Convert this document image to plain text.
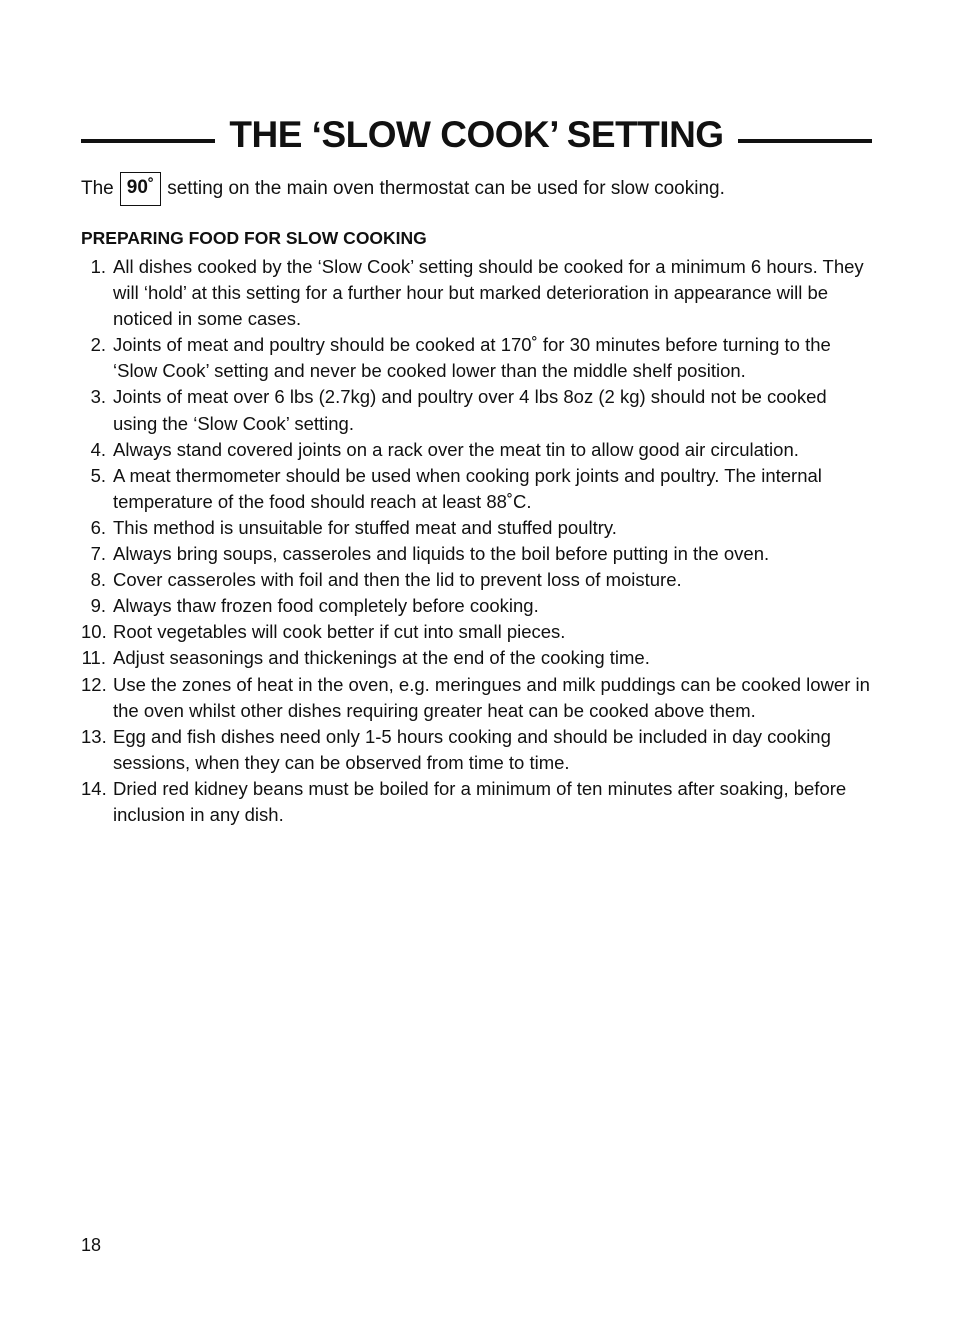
THE ‘SLOW COOK’ SETTING
The 90˚ setting on the main oven thermostat can be used for slow cooking.
PREPARING FOOD FOR SLOW COOKING
1. All dishes cooked by the ‘Slow Cook’ setting should be cooked for a minimum 6 hours. They will ‘hold’ at this setting for a further hour but marked deterioration in appearance will be noticed in some cases.
2. Joints of meat and poultry should be cooked at 170˚ for 30 minutes before turning to the ‘Slow Cook’ setting and never be cooked lower than the middle shelf position.
3. Joints of meat over 6 lbs (2.7kg) and poultry over 4 lbs 8oz (2 kg) should not be cooked using the ‘Slow Cook’ setting.
4. Always stand covered joints on a rack over the meat tin to allow good air circulation.
5. A meat thermometer should be used when cooking pork joints and poultry. The internal temperature of the food should reach at least 88˚C.
6. This method is unsuitable for stuffed meat and stuffed poultry.
7. Always bring soups, casseroles and liquids to the boil before putting in the oven.
8. Cover casseroles with foil and then the lid to prevent loss of moisture.
9. Always thaw frozen food completely before cooking.
10. Root vegetables will cook better if cut into small pieces.
11. Adjust seasonings and thickenings at the end of the cooking time.
12. Use the zones of heat in the oven, e.g. meringues and milk puddings can be cooked lower in the oven whilst other dishes requiring greater heat can be cooked above them.
13. Egg and fish dishes need only 1-5 hours cooking and should be included in day cooking sessions, when they can be observed from time to time.
14. Dried red kidney beans must be boiled for a minimum of ten minutes after soaking, before inclusion in any dish.
18
